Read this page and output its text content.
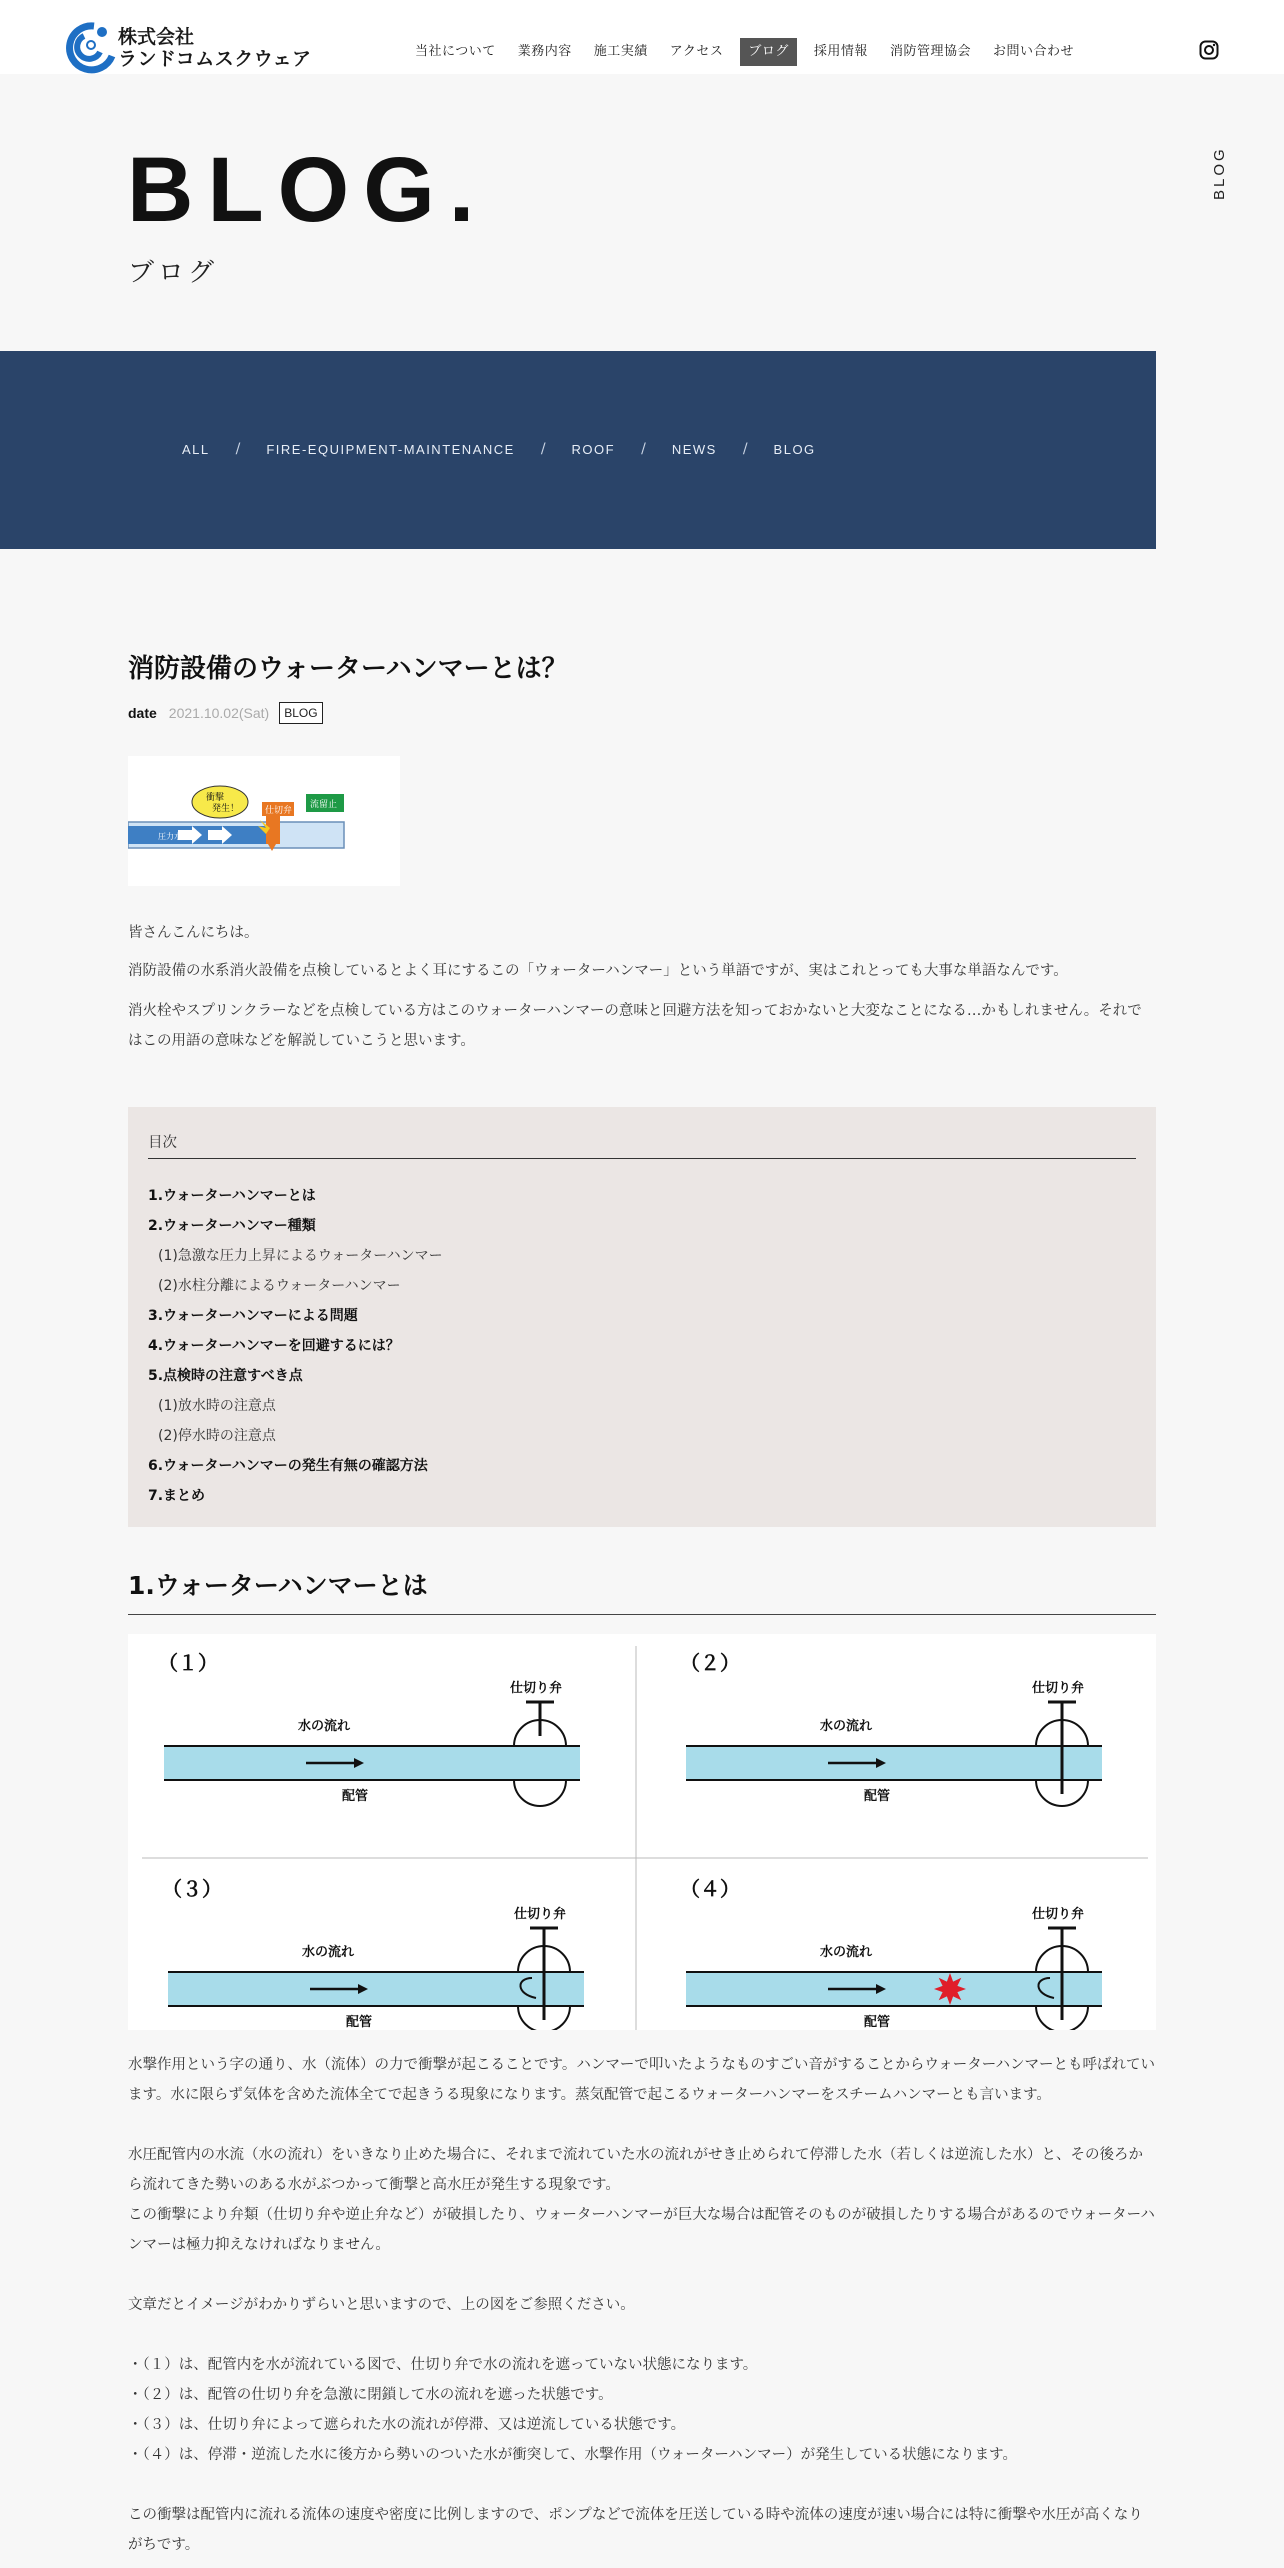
株式会社
ランドコムスクウェア	当社について 業務内容 施工実績 アクセス	ブログ	採用情報 消防管理協会 お問い合わせ
BLOG.
ブログ
BLOG
ALL / FIRE-EQUIPMENT-MAINTENANCE / ROOF / NEWS / BLOG
消防設備のウォーターハンマーとは？
date 2021.10.02(Sat)	BLOG
衝撃
発生！	仕切弁
流留止
圧力水

皆さんこんにちは。

消防設備の水系消火設備を点検しているとよく耳にするこの「ウォーターハンマー」という単語ですが、実はこれとっても大事な単語なんです。

消火栓やスプリンクラーなどを点検している方はこのウォーターハンマーの意味と回避方法を知っておかないと大変なことになる…かもしれません。それではこの用語の意味などを解説していこうと思います。

目次
1.ウォーターハンマーとは
2.ウォーターハンマー種類
(1)急激な圧力上昇によるウォーターハンマー
(2)水柱分離によるウォーターハンマー
3.ウォーターハンマーによる問題
4.ウォーターハンマーを回避するには？
5.点検時の注意すべき点
(1)放水時の注意点
(2)停水時の注意点
6.ウォーターハンマーの発生有無の確認方法
7.まとめ
1.ウォーターハンマーとは
（１）
仕切り弁
水の流れ
配管
（２）
仕切り弁
水の流れ
配管
（３）
仕切り弁
水の流れ
配管
（４）
仕切り弁
水の流れ
配管

水撃作用という字の通り、水（流体）の力で衝撃が起こることです。ハンマーで叩いたようなものすごい音がすることからウォーターハンマーとも呼ばれています。水に限らず気体を含めた流体全てで起きうる現象になります。蒸気配管で起こるウォーターハンマーをスチームハンマーとも言います。

水圧配管内の水流（水の流れ）をいきなり止めた場合に、それまで流れていた水の流れがせき止められて停滞した水（若しくは逆流した水）と、その後ろから流れてきた勢いのある水がぶつかって衝撃と高水圧が発生する現象です。

この衝撃により弁類（仕切り弁や逆止弁など）が破損したり、ウォーターハンマーが巨大な場合は配管そのものが破損したりする場合があるのでウォーターハンマーは極力抑えなければなりません。

文章だとイメージがわかりずらいと思いますので、上の図をご参照ください。

・（１）は、配管内を水が流れている図で、仕切り弁で水の流れを遮っていない状態になります。

・（２）は、配管の仕切り弁を急激に閉鎖して水の流れを遮った状態です。

・（３）は、仕切り弁によって遮られた水の流れが停滞、又は逆流している状態です。

・（４）は、停滞・逆流した水に後方から勢いのついた水が衝突して、水撃作用（ウォーターハンマー）が発生している状態になります。

この衝撃は配管内に流れる流体の速度や密度に比例しますので、ポンプなどで流体を圧送している時や流体の速度が速い場合には特に衝撃や水圧が高くなりがちです。
